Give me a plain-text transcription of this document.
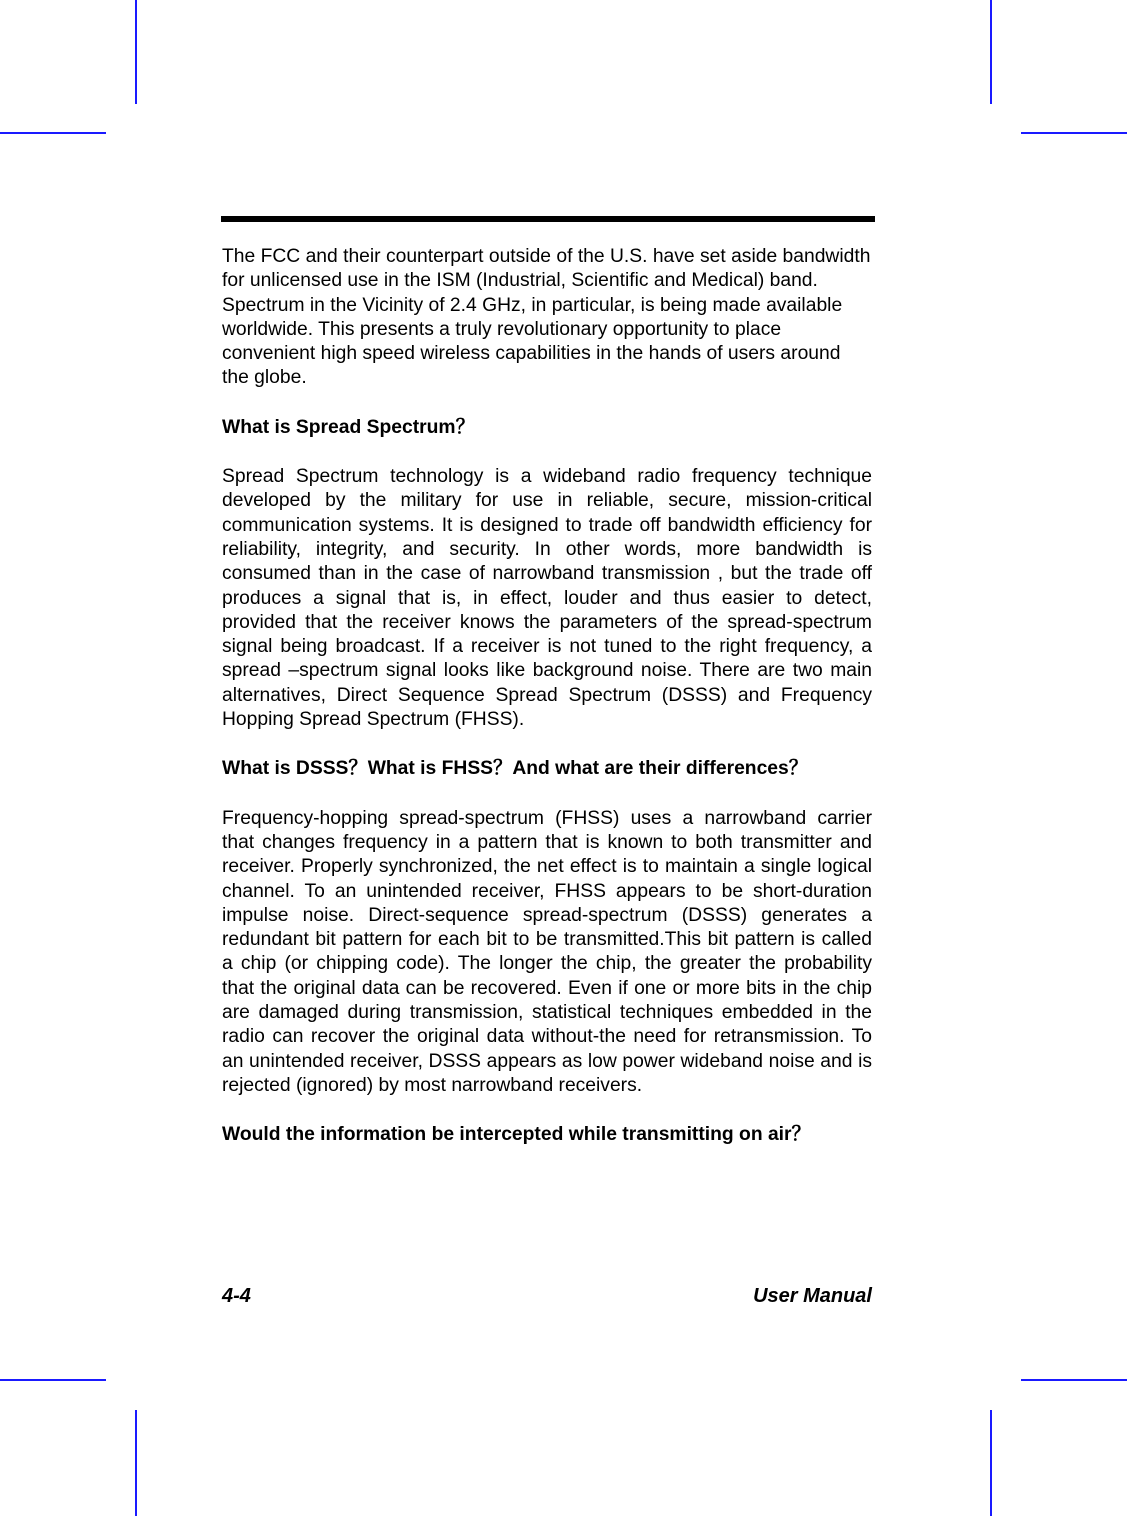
The FCC and their counterpart outside of the U.S. have set aside bandwidth for unlicensed use in the ISM (Industrial, Scientific and Medical) band. Spectrum in the Vicinity of 2.4 GHz, in particular, is being made available worldwide. This presents a truly revolutionary opportunity to place convenient high speed wireless capabilities in the hands of users around the globe.

What is Spread Spectrum？

Spread Spectrum technology is a wideband radio frequency technique developed by the military for use in reliable, secure, mission-critical communication systems. It is designed to trade off bandwidth efficiency for reliability, integrity, and security. In other words, more bandwidth is consumed than in the case of narrowband transmission , but the trade off produces a signal that is, in effect, louder and thus easier to detect, provided that the receiver knows the parameters of the spread-spectrum signal being broadcast. If a receiver is not tuned to the right frequency, a spread –spectrum signal looks like background noise. There are two main alternatives, Direct Sequence Spread Spectrum (DSSS) and Frequency Hopping Spread Spectrum (FHSS).

What is DSSS？What is FHSS？And what are their differences？

Frequency-hopping spread-spectrum (FHSS) uses a narrowband carrier that changes frequency in a pattern that is known to both transmitter and receiver. Properly synchronized, the net effect is to maintain a single logical channel. To an unintended receiver, FHSS appears to be short-duration impulse noise. Direct-sequence spread-spectrum (DSSS) generates a redundant bit pattern for each bit to be transmitted.This bit pattern is called a chip (or chipping code). The longer the chip, the greater the probability that the original data can be recovered. Even if one or more bits in the chip are damaged during transmission, statistical techniques embedded in the radio can recover the original data without-the need for retransmission. To an unintended receiver, DSSS appears as low power wideband noise and is rejected (ignored) by most narrowband receivers.

Would the information be intercepted while transmitting on air？

4-4	User Manual
